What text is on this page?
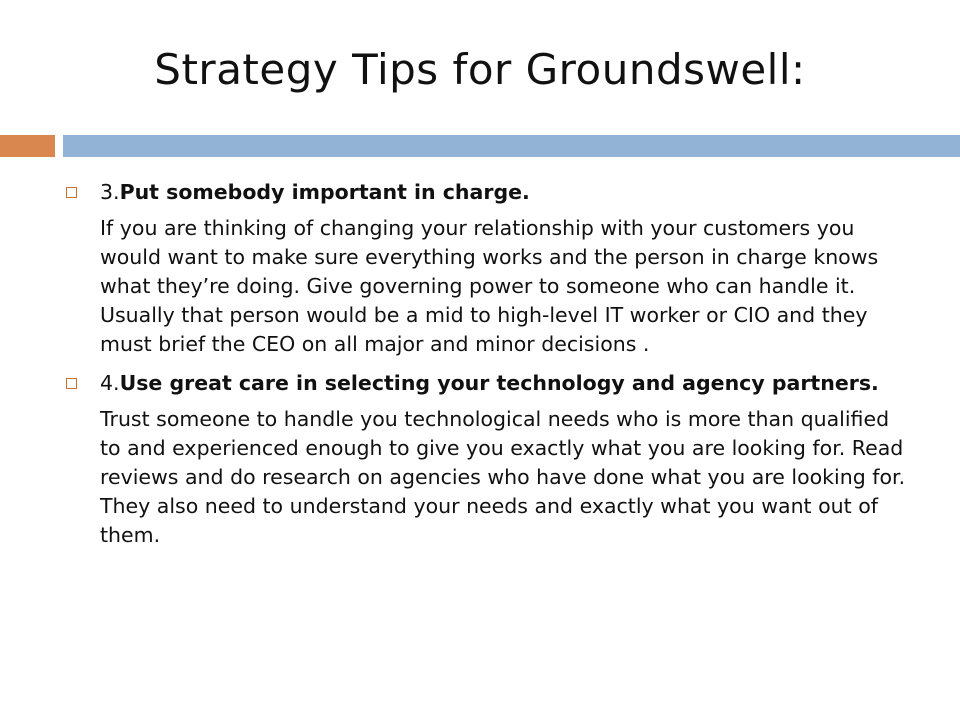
Strategy Tips for Groundswell:
3.Put somebody important in charge.
If you are thinking of changing your relationship with your customers you would want to make sure everything works and the person in charge knows what they’re doing. Give governing power to someone who can handle it. Usually that person would be a mid to high-level IT worker or CIO and they must brief the CEO on all major and minor decisions .
4.Use great care in selecting your technology and agency partners.
Trust someone to handle you technological needs who is more than qualified to and experienced enough to give you exactly what you are looking for. Read reviews and do research on agencies who have done what you are looking for. They also need to understand your needs and exactly what you want out of them.
